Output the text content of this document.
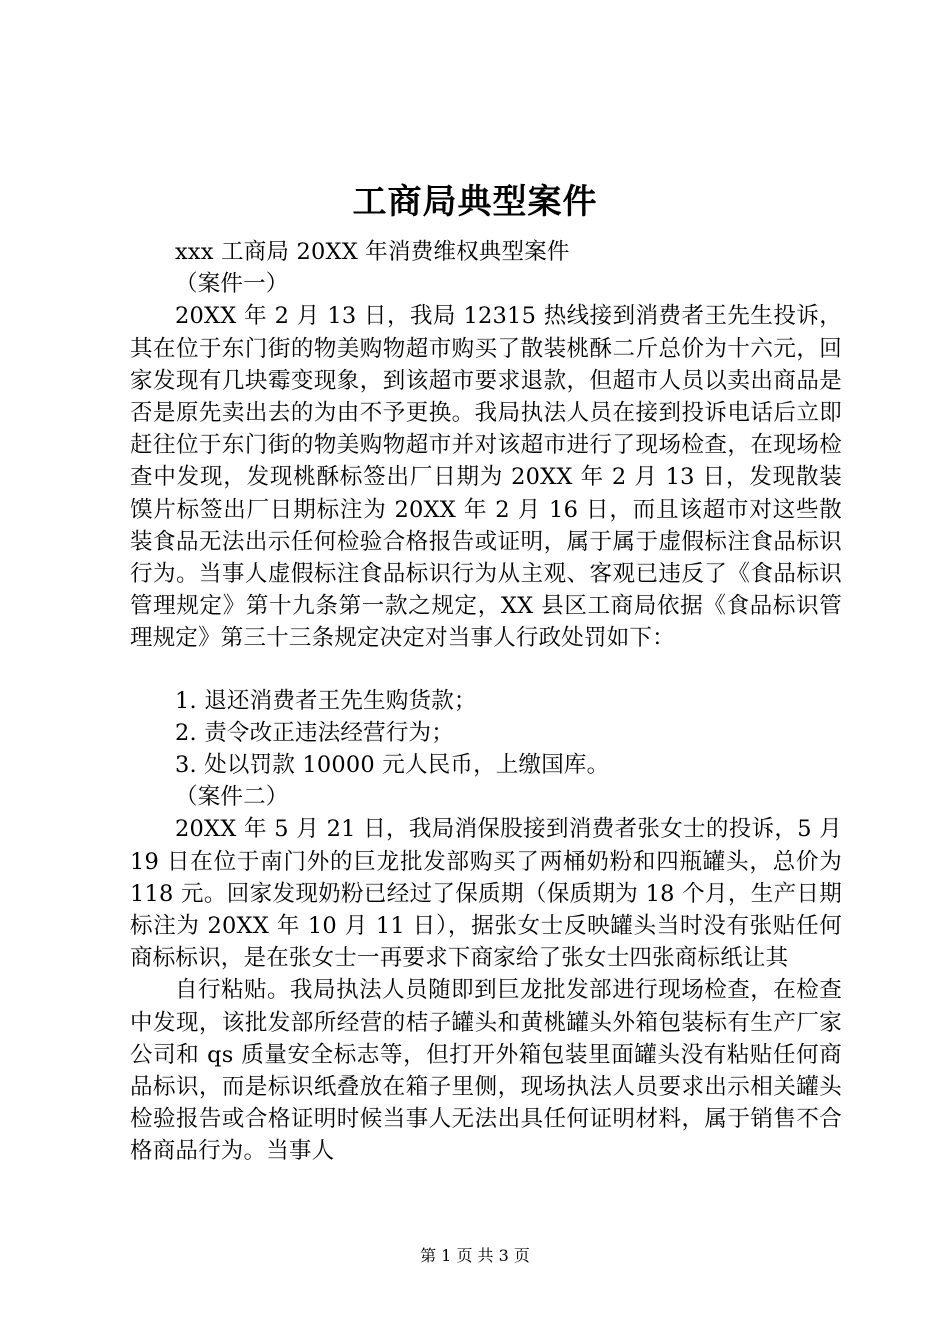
工商局典型案件

xxx 工商局 20XX 年消费维权典型案件

（案件一）

20XX 年 2 月 13 日，我局 12315 热线接到消费者王先生投诉，其在位于东门街的物美购物超市购买了散装桃酥二斤总价为十六元，回家发现有几块霉变现象，到该超市要求退款，但超市人员以卖出商品是否是原先卖出去的为由不予更换。我局执法人员在接到投诉电话后立即赶往位于东门街的物美购物超市并对该超市进行了现场检查，在现场检查中发现，发现桃酥标签出厂日期为 20XX 年 2 月 13 日，发现散装馍片标签出厂日期标注为 20XX 年 2 月 16 日，而且该超市对这些散装食品无法出示任何检验合格报告或证明，属于属于虚假标注食品标识行为。当事人虚假标注食品标识行为从主观、客观已违反了《食品标识管理规定》第十九条第一款之规定，XX 县区工商局依据《食品标识管理规定》第三十三条规定决定对当事人行政处罚如下：

1. 退还消费者王先生购货款；

2. 责令改正违法经营行为；

3. 处以罚款 10000 元人民币，上缴国库。

（案件二）

20XX 年 5 月 21 日，我局消保股接到消费者张女士的投诉，5 月 19 日在位于南门外的巨龙批发部购买了两桶奶粉和四瓶罐头，总价为 118 元。回家发现奶粉已经过了保质期（保质期为 18 个月，生产日期标注为 20XX 年 10 月 11 日），据张女士反映罐头当时没有张贴任何商标标识，是在张女士一再要求下商家给了张女士四张商标纸让其

自行粘贴。我局执法人员随即到巨龙批发部进行现场检查，在检查中发现，该批发部所经营的桔子罐头和黄桃罐头外箱包装标有生产厂家公司和 qs 质量安全标志等，但打开外箱包装里面罐头没有粘贴任何商品标识，而是标识纸叠放在箱子里侧，现场执法人员要求出示相关罐头检验报告或合格证明时候当事人无法出具任何证明材料，属于销售不合格商品行为。当事人

第 1 页 共 3 页
